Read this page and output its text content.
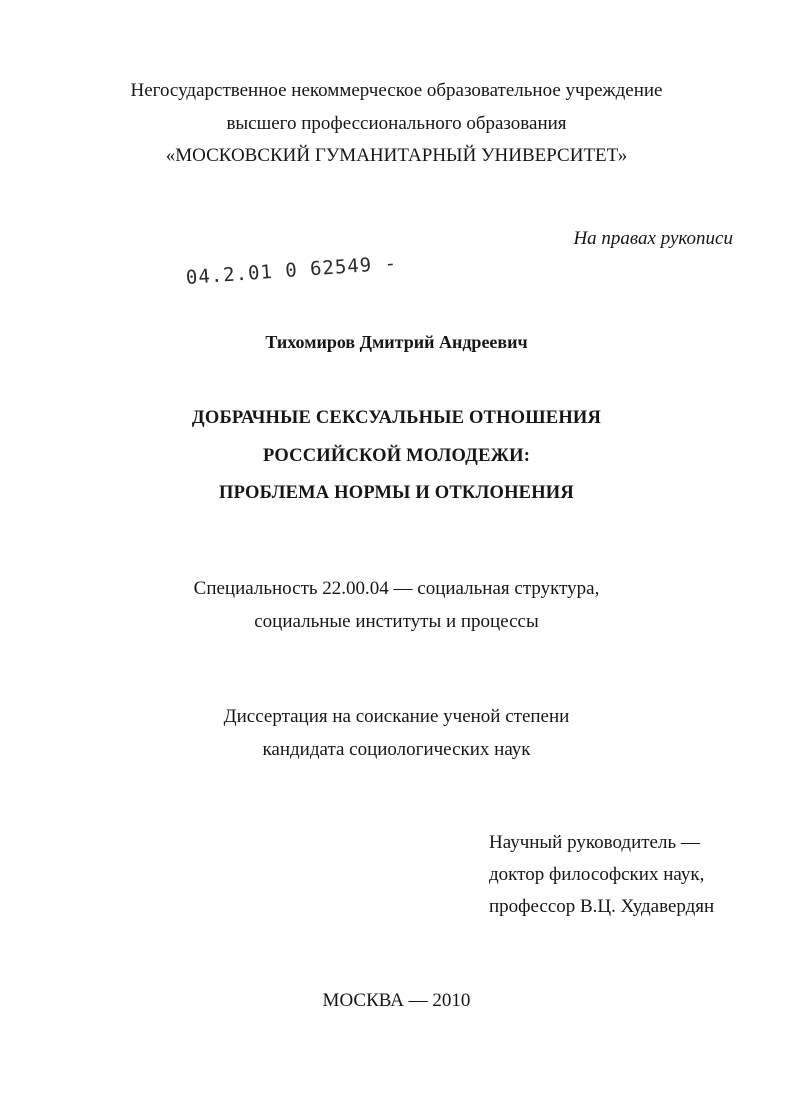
Негосударственное некоммерческое образовательное учреждение
высшего профессионального образования
«МОСКОВСКИЙ ГУМАНИТАРНЫЙ УНИВЕРСИТЕТ»
На правах рукописи
04.2.01 0 62549 -
Тихомиров Дмитрий Андреевич
ДОБРАЧНЫЕ СЕКСУАЛЬНЫЕ ОТНОШЕНИЯ
РОССИЙСКОЙ МОЛОДЕЖИ:
ПРОБЛЕМА НОРМЫ И ОТКЛОНЕНИЯ
Специальность 22.00.04 — социальная структура,
социальные институты и процессы
Диссертация на соискание ученой степени
кандидата социологических наук
Научный руководитель —
доктор философских наук,
профессор В.Ц. Худавердян
МОСКВА — 2010
